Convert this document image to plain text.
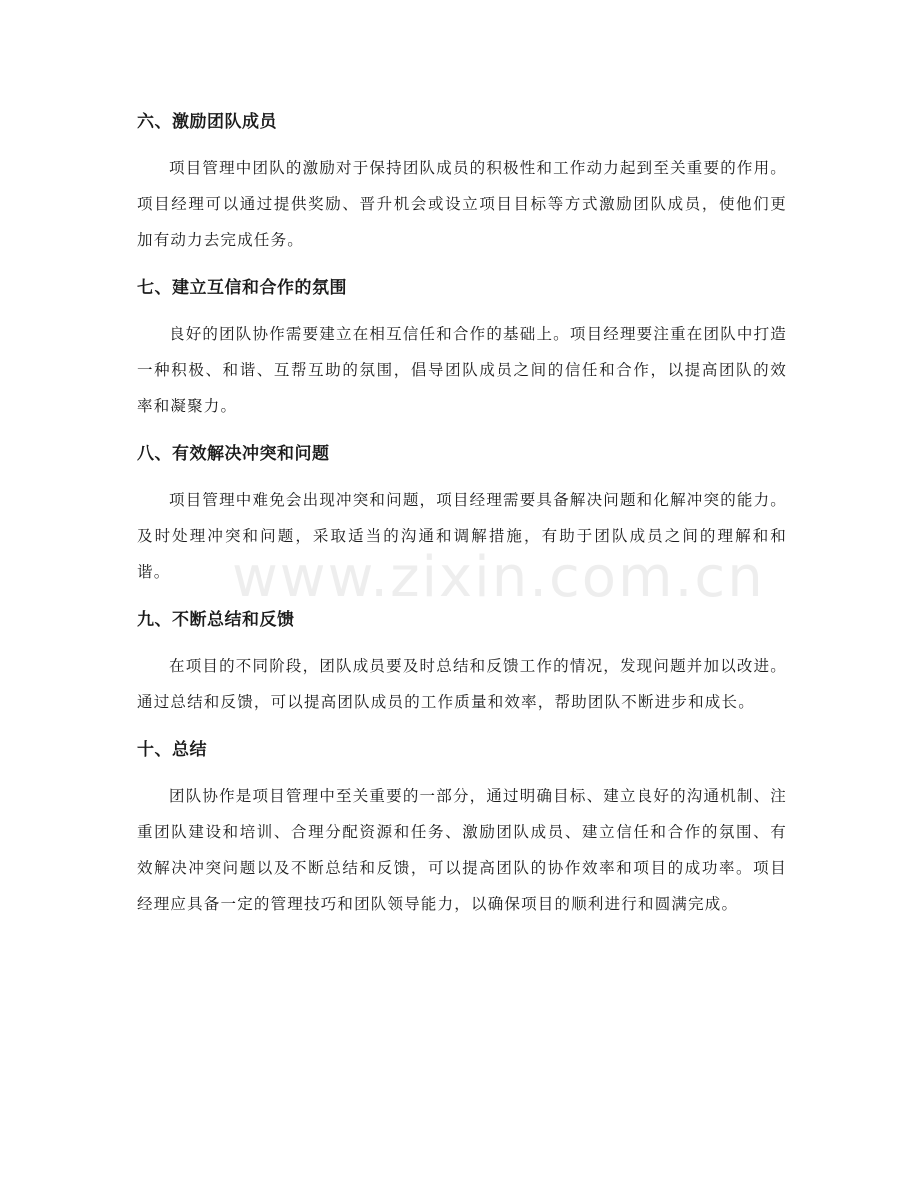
六、激励团队成员

项目管理中团队的激励对于保持团队成员的积极性和工作动力起到至关重要的作用。项目经理可以通过提供奖励、晋升机会或设立项目目标等方式激励团队成员，使他们更加有动力去完成任务。

七、建立互信和合作的氛围

良好的团队协作需要建立在相互信任和合作的基础上。项目经理要注重在团队中打造一种积极、和谐、互帮互助的氛围，倡导团队成员之间的信任和合作，以提高团队的效率和凝聚力。

八、有效解决冲突和问题

项目管理中难免会出现冲突和问题，项目经理需要具备解决问题和化解冲突的能力。及时处理冲突和问题，采取适当的沟通和调解措施，有助于团队成员之间的理解和和谐。

九、不断总结和反馈

在项目的不同阶段，团队成员要及时总结和反馈工作的情况，发现问题并加以改进。通过总结和反馈，可以提高团队成员的工作质量和效率，帮助团队不断进步和成长。

十、总结

团队协作是项目管理中至关重要的一部分，通过明确目标、建立良好的沟通机制、注重团队建设和培训、合理分配资源和任务、激励团队成员、建立信任和合作的氛围、有效解决冲突问题以及不断总结和反馈，可以提高团队的协作效率和项目的成功率。项目经理应具备一定的管理技巧和团队领导能力，以确保项目的顺利进行和圆满完成。

www.zixin.com.cn
